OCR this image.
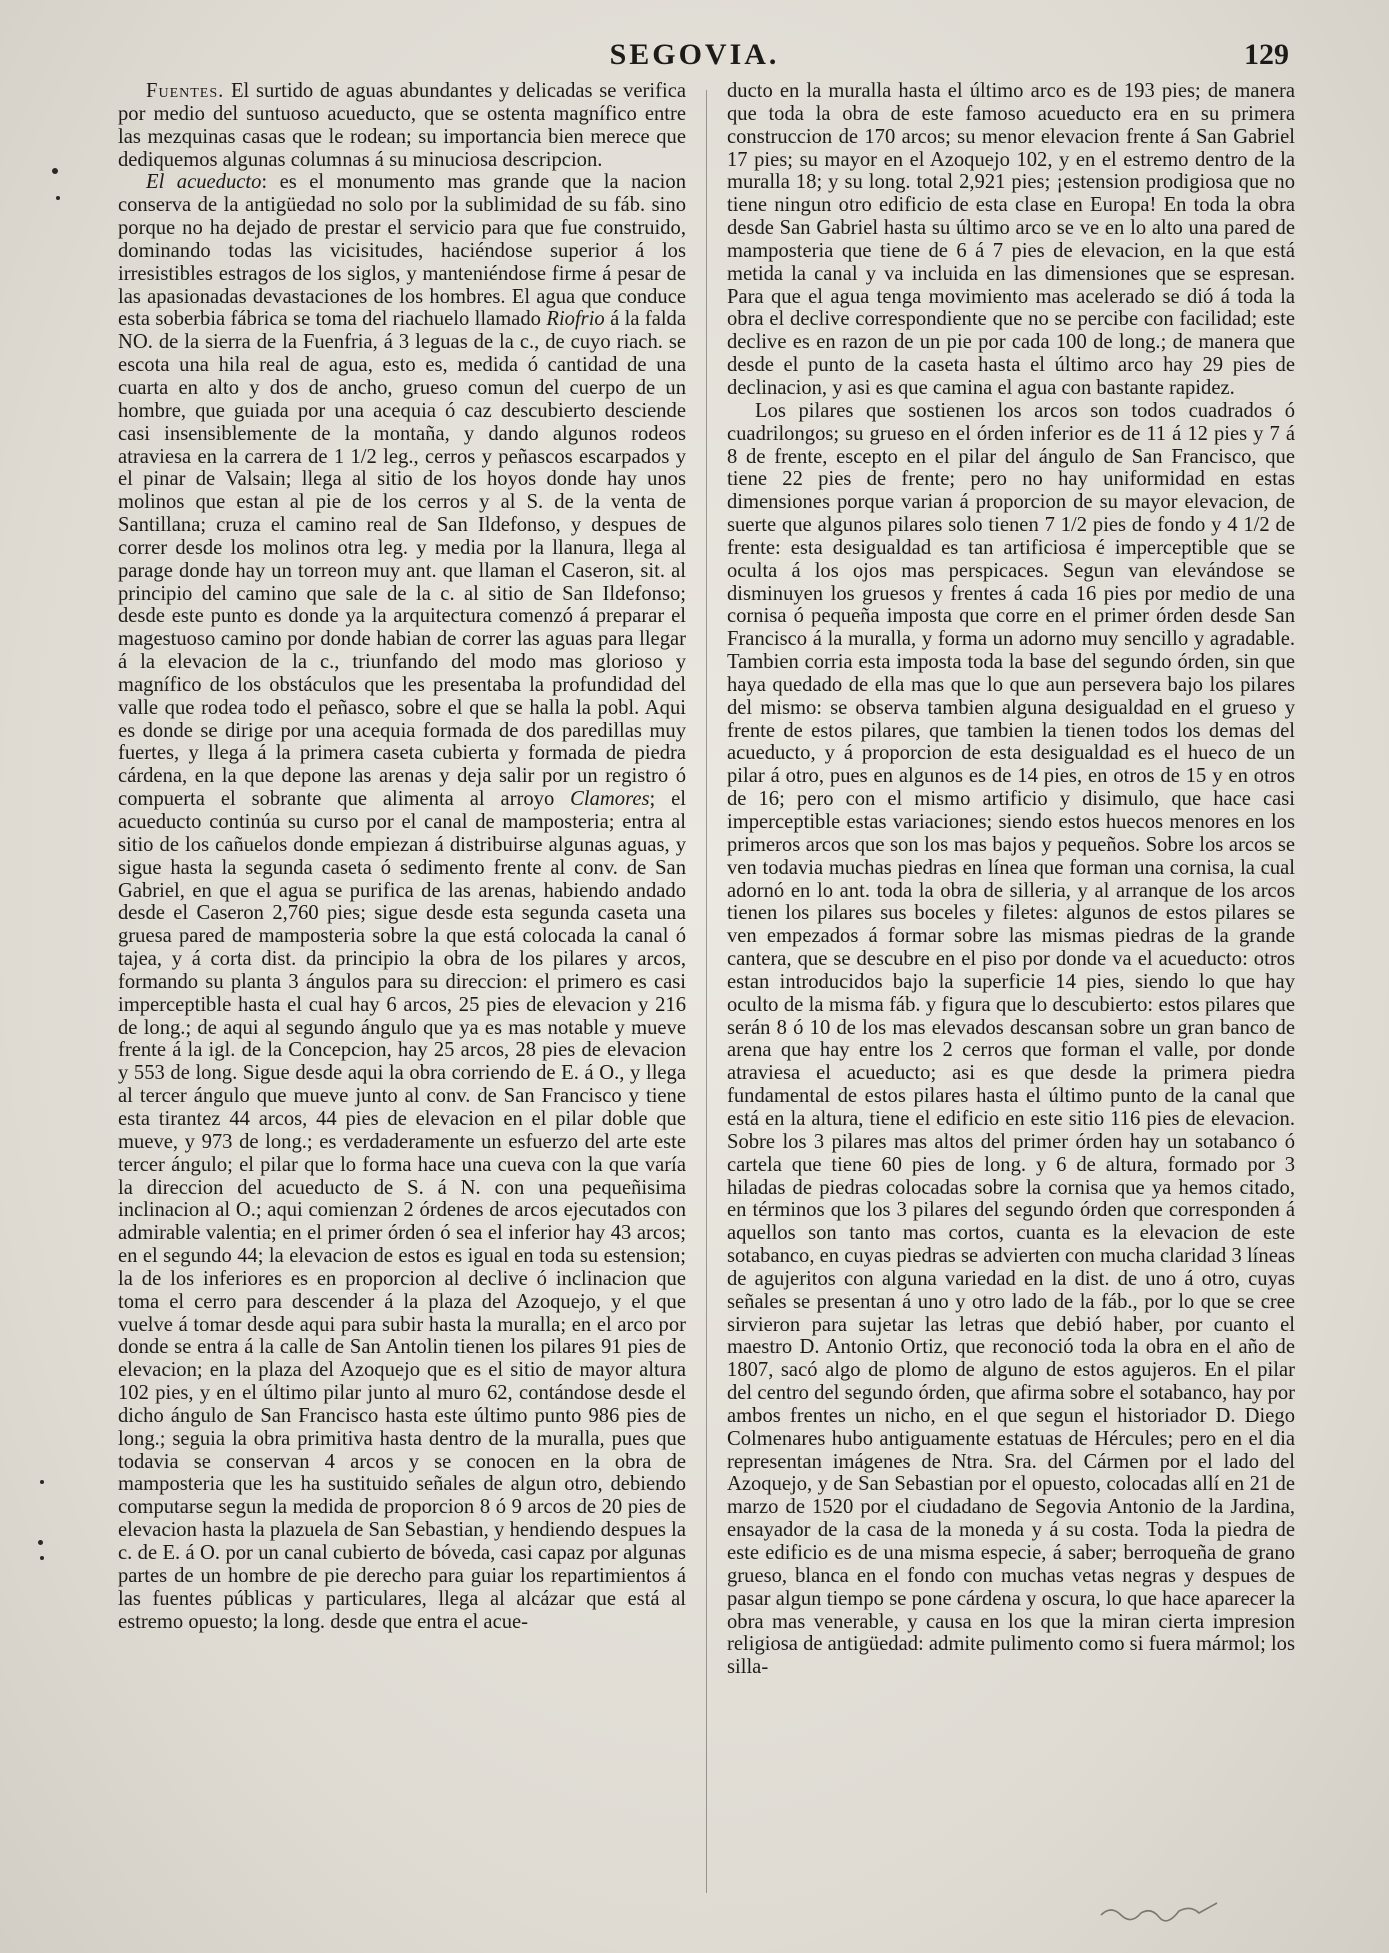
SEGOVIA.	129

Fuentes. El surtido de aguas abundantes y delicadas se verifica por medio del suntuoso acueducto, que se ostenta magnífico entre las mezquinas casas que le rodean; su importancia bien merece que dediquemos algunas columnas á su minuciosa descripcion.

El acueducto: es el monumento mas grande que la nacion conserva de la antigüedad no solo por la sublimidad de su fáb. sino porque no ha dejado de prestar el servicio para que fue construido, dominando todas las vicisitudes, haciéndose superior á los irresistibles estragos de los siglos, y manteniéndose firme á pesar de las apasionadas devastaciones de los hombres. El agua que conduce esta soberbia fábrica se toma del riachuelo llamado Riofrio á la falda NO. de la sierra de la Fuenfria, á 3 leguas de la c., de cuyo riach. se escota una hila real de agua, esto es, medida ó cantidad de una cuarta en alto y dos de ancho, grueso comun del cuerpo de un hombre, que guiada por una acequia ó caz descubierto desciende casi insensiblemente de la montaña, y dando algunos rodeos atraviesa en la carrera de 1 1/2 leg., cerros y peñascos escarpados y el pinar de Valsain; llega al sitio de los hoyos donde hay unos molinos que estan al pie de los cerros y al S. de la venta de Santillana; cruza el camino real de San Ildefonso, y despues de correr desde los molinos otra leg. y media por la llanura, llega al parage donde hay un torreon muy ant. que llaman el Caseron, sit. al principio del camino que sale de la c. al sitio de San Ildefonso; desde este punto es donde ya la arquitectura comenzó á preparar el magestuoso camino por donde habian de correr las aguas para llegar á la elevacion de la c., triunfando del modo mas glorioso y magnífico de los obstáculos que les presentaba la profundidad del valle que rodea todo el peñasco, sobre el que se halla la pobl. Aqui es donde se dirige por una acequia formada de dos paredillas muy fuertes, y llega á la primera caseta cubierta y formada de piedra cárdena, en la que depone las arenas y deja salir por un registro ó compuerta el sobrante que alimenta al arroyo Clamores; el acueducto continúa su curso por el canal de mamposteria; entra al sitio de los cañuelos donde empiezan á distribuirse algunas aguas, y sigue hasta la segunda caseta ó sedimento frente al conv. de San Gabriel, en que el agua se purifica de las arenas, habiendo andado desde el Caseron 2,760 pies; sigue desde esta segunda caseta una gruesa pared de mamposteria sobre la que está colocada la canal ó tajea, y á corta dist. da principio la obra de los pilares y arcos, formando su planta 3 ángulos para su direccion: el primero es casi imperceptible hasta el cual hay 6 arcos, 25 pies de elevacion y 216 de long.; de aqui al segundo ángulo que ya es mas notable y mueve frente á la igl. de la Concepcion, hay 25 arcos, 28 pies de elevacion y 553 de long. Sigue desde aqui la obra corriendo de E. á O., y llega al tercer ángulo que mueve junto al conv. de San Francisco y tiene esta tirantez 44 arcos, 44 pies de elevacion en el pilar doble que mueve, y 973 de long.; es verdaderamente un esfuerzo del arte este tercer ángulo; el pilar que lo forma hace una cueva con la que varía la direccion del acueducto de S. á N. con una pequeñisima inclinacion al O.; aqui comienzan 2 órdenes de arcos ejecutados con admirable valentia; en el primer órden ó sea el inferior hay 43 arcos; en el segundo 44; la elevacion de estos es igual en toda su estension; la de los inferiores es en proporcion al declive ó inclinacion que toma el cerro para descender á la plaza del Azoquejo, y el que vuelve á tomar desde aqui para subir hasta la muralla; en el arco por donde se entra á la calle de San Antolin tienen los pilares 91 pies de elevacion; en la plaza del Azoquejo que es el sitio de mayor altura 102 pies, y en el último pilar junto al muro 62, contándose desde el dicho ángulo de San Francisco hasta este último punto 986 pies de long.; seguia la obra primitiva hasta dentro de la muralla, pues que todavia se conservan 4 arcos y se conocen en la obra de mamposteria que les ha sustituido señales de algun otro, debiendo computarse segun la medida de proporcion 8 ó 9 arcos de 20 pies de elevacion hasta la plazuela de San Sebastian, y hendiendo despues la c. de E. á O. por un canal cubierto de bóveda, casi capaz por algunas partes de un hombre de pie derecho para guiar los repartimientos á las fuentes públicas y particulares, llega al alcázar que está al estremo opuesto; la long. desde que entra el acue-

ducto en la muralla hasta el último arco es de 193 pies; de manera que toda la obra de este famoso acueducto era en su primera construccion de 170 arcos; su menor elevacion frente á San Gabriel 17 pies; su mayor en el Azoquejo 102, y en el estremo dentro de la muralla 18; y su long. total 2,921 pies; ¡estension prodigiosa que no tiene ningun otro edificio de esta clase en Europa! En toda la obra desde San Gabriel hasta su último arco se ve en lo alto una pared de mamposteria que tiene de 6 á 7 pies de elevacion, en la que está metida la canal y va incluida en las dimensiones que se espresan. Para que el agua tenga movimiento mas acelerado se dió á toda la obra el declive correspondiente que no se percibe con facilidad; este declive es en razon de un pie por cada 100 de long.; de manera que desde el punto de la caseta hasta el último arco hay 29 pies de declinacion, y asi es que camina el agua con bastante rapidez.

Los pilares que sostienen los arcos son todos cuadrados ó cuadrilongos; su grueso en el órden inferior es de 11 á 12 pies y 7 á 8 de frente, escepto en el pilar del ángulo de San Francisco, que tiene 22 pies de frente; pero no hay uniformidad en estas dimensiones porque varian á proporcion de su mayor elevacion, de suerte que algunos pilares solo tienen 7 1/2 pies de fondo y 4 1/2 de frente: esta desigualdad es tan artificiosa é imperceptible que se oculta á los ojos mas perspicaces. Segun van elevándose se disminuyen los gruesos y frentes á cada 16 pies por medio de una cornisa ó pequeña imposta que corre en el primer órden desde San Francisco á la muralla, y forma un adorno muy sencillo y agradable. Tambien corria esta imposta toda la base del segundo órden, sin que haya quedado de ella mas que lo que aun persevera bajo los pilares del mismo: se observa tambien alguna desigualdad en el grueso y frente de estos pilares, que tambien la tienen todos los demas del acueducto, y á proporcion de esta desigualdad es el hueco de un pilar á otro, pues en algunos es de 14 pies, en otros de 15 y en otros de 16; pero con el mismo artificio y disimulo, que hace casi imperceptible estas variaciones; siendo estos huecos menores en los primeros arcos que son los mas bajos y pequeños. Sobre los arcos se ven todavia muchas piedras en línea que forman una cornisa, la cual adornó en lo ant. toda la obra de silleria, y al arranque de los arcos tienen los pilares sus boceles y filetes: algunos de estos pilares se ven empezados á formar sobre las mismas piedras de la grande cantera, que se descubre en el piso por donde va el acueducto: otros estan introducidos bajo la superficie 14 pies, siendo lo que hay oculto de la misma fáb. y figura que lo descubierto: estos pilares que serán 8 ó 10 de los mas elevados descansan sobre un gran banco de arena que hay entre los 2 cerros que forman el valle, por donde atraviesa el acueducto; asi es que desde la primera piedra fundamental de estos pilares hasta el último punto de la canal que está en la altura, tiene el edificio en este sitio 116 pies de elevacion. Sobre los 3 pilares mas altos del primer órden hay un sotabanco ó cartela que tiene 60 pies de long. y 6 de altura, formado por 3 hiladas de piedras colocadas sobre la cornisa que ya hemos citado, en términos que los 3 pilares del segundo órden que corresponden á aquellos son tanto mas cortos, cuanta es la elevacion de este sotabanco, en cuyas piedras se advierten con mucha claridad 3 líneas de agujeritos con alguna variedad en la dist. de uno á otro, cuyas señales se presentan á uno y otro lado de la fáb., por lo que se cree sirvieron para sujetar las letras que debió haber, por cuanto el maestro D. Antonio Ortiz, que reconoció toda la obra en el año de 1807, sacó algo de plomo de alguno de estos agujeros. En el pilar del centro del segundo órden, que afirma sobre el sotabanco, hay por ambos frentes un nicho, en el que segun el historiador D. Diego Colmenares hubo antiguamente estatuas de Hércules; pero en el dia representan imágenes de Ntra. Sra. del Cármen por el lado del Azoquejo, y de San Sebastian por el opuesto, colocadas allí en 21 de marzo de 1520 por el ciudadano de Segovia Antonio de la Jardina, ensayador de la casa de la moneda y á su costa. Toda la piedra de este edificio es de una misma especie, á saber; berroqueña de grano grueso, blanca en el fondo con muchas vetas negras y despues de pasar algun tiempo se pone cárdena y oscura, lo que hace aparecer la obra mas venerable, y causa en los que la miran cierta impresion religiosa de antigüedad: admite pulimento como si fuera mármol; los silla-
